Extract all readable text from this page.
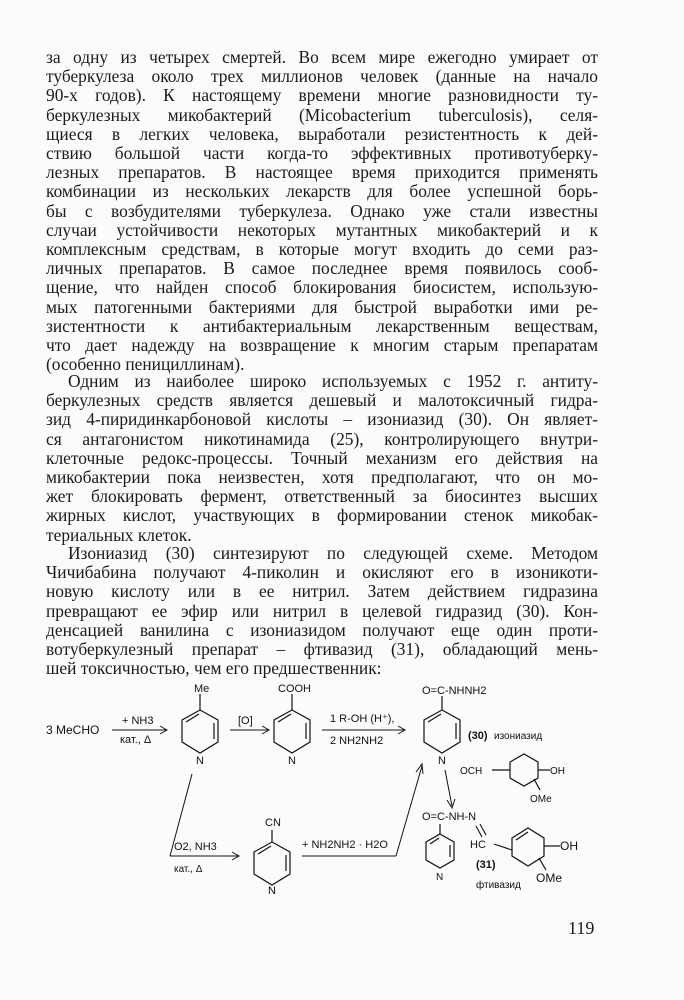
за одну из четырех смертей. Во всем мире ежегодно умирает от
туберкулеза около трех миллионов человек (данные на начало
90-х годов). К настоящему времени многие разновидности ту-
беркулезных микобактерий (Micobacterium tuberculosis), селя-
щиеся в легких человека, выработали резистентность к дей-
ствию большой части когда-то эффективных противотуберку-
лезных препаратов. В настоящее время приходится применять
комбинации из нескольких лекарств для более успешной борь-
бы с возбудителями туберкулеза. Однако уже стали известны
случаи устойчивости некоторых мутантных микобактерий и к
комплексным средствам, в которые могут входить до семи раз-
личных препаратов. В самое последнее время появилось сооб-
щение, что найден способ блокирования биосистем, использую-
мых патогенными бактериями для быстрой выработки ими ре-
зистентности к антибактериальным лекарственным веществам,
что дает надежду на возвращение к многим старым препаратам
(особенно пенициллинам).
Одним из наиболее широко используемых с 1952 г. антиту-
беркулезных средств является дешевый и малотоксичный гидра-
зид 4-пиридинкарбоновой кислоты – изониазид (30). Он являет-
ся антагонистом никотинамида (25), контролирующего внутри-
клеточные редокс-процессы. Точный механизм его действия на
микобактерии пока неизвестен, хотя предполагают, что он мо-
жет блокировать фермент, ответственный за биосинтез высших
жирных кислот, участвующих в формировании стенок микобак-
териальных клеток.
Изониазид (30) синтезируют по следующей схеме. Методом
Чичибабина получают 4-пиколин и окисляют его в изоникоти-
новую кислоту или в ее нитрил. Затем действием гидразина
превращают ее эфир или нитрил в целевой гидразид (30). Кон-
денсацией ванилина с изониазидом получают еще один проти-
вотуберкулезный препарат – фтивазид (31), обладающий мень-
шей токсичностью, чем его предшественник:
3 MeCHO
+ NH3
кат., Δ
Me
N
[O]
COOH
N
1 R-OH (H⁺),
2 NH2NH2
O=C-NHNH2
N
(30) изониазид
OCH	OH
OMe
O2, NH3
кат., Δ
CN
N
+ NH2NH2 · H2O
O=C-NH-N
N
HC	OH
(31)
OMe
фтивазид
119
